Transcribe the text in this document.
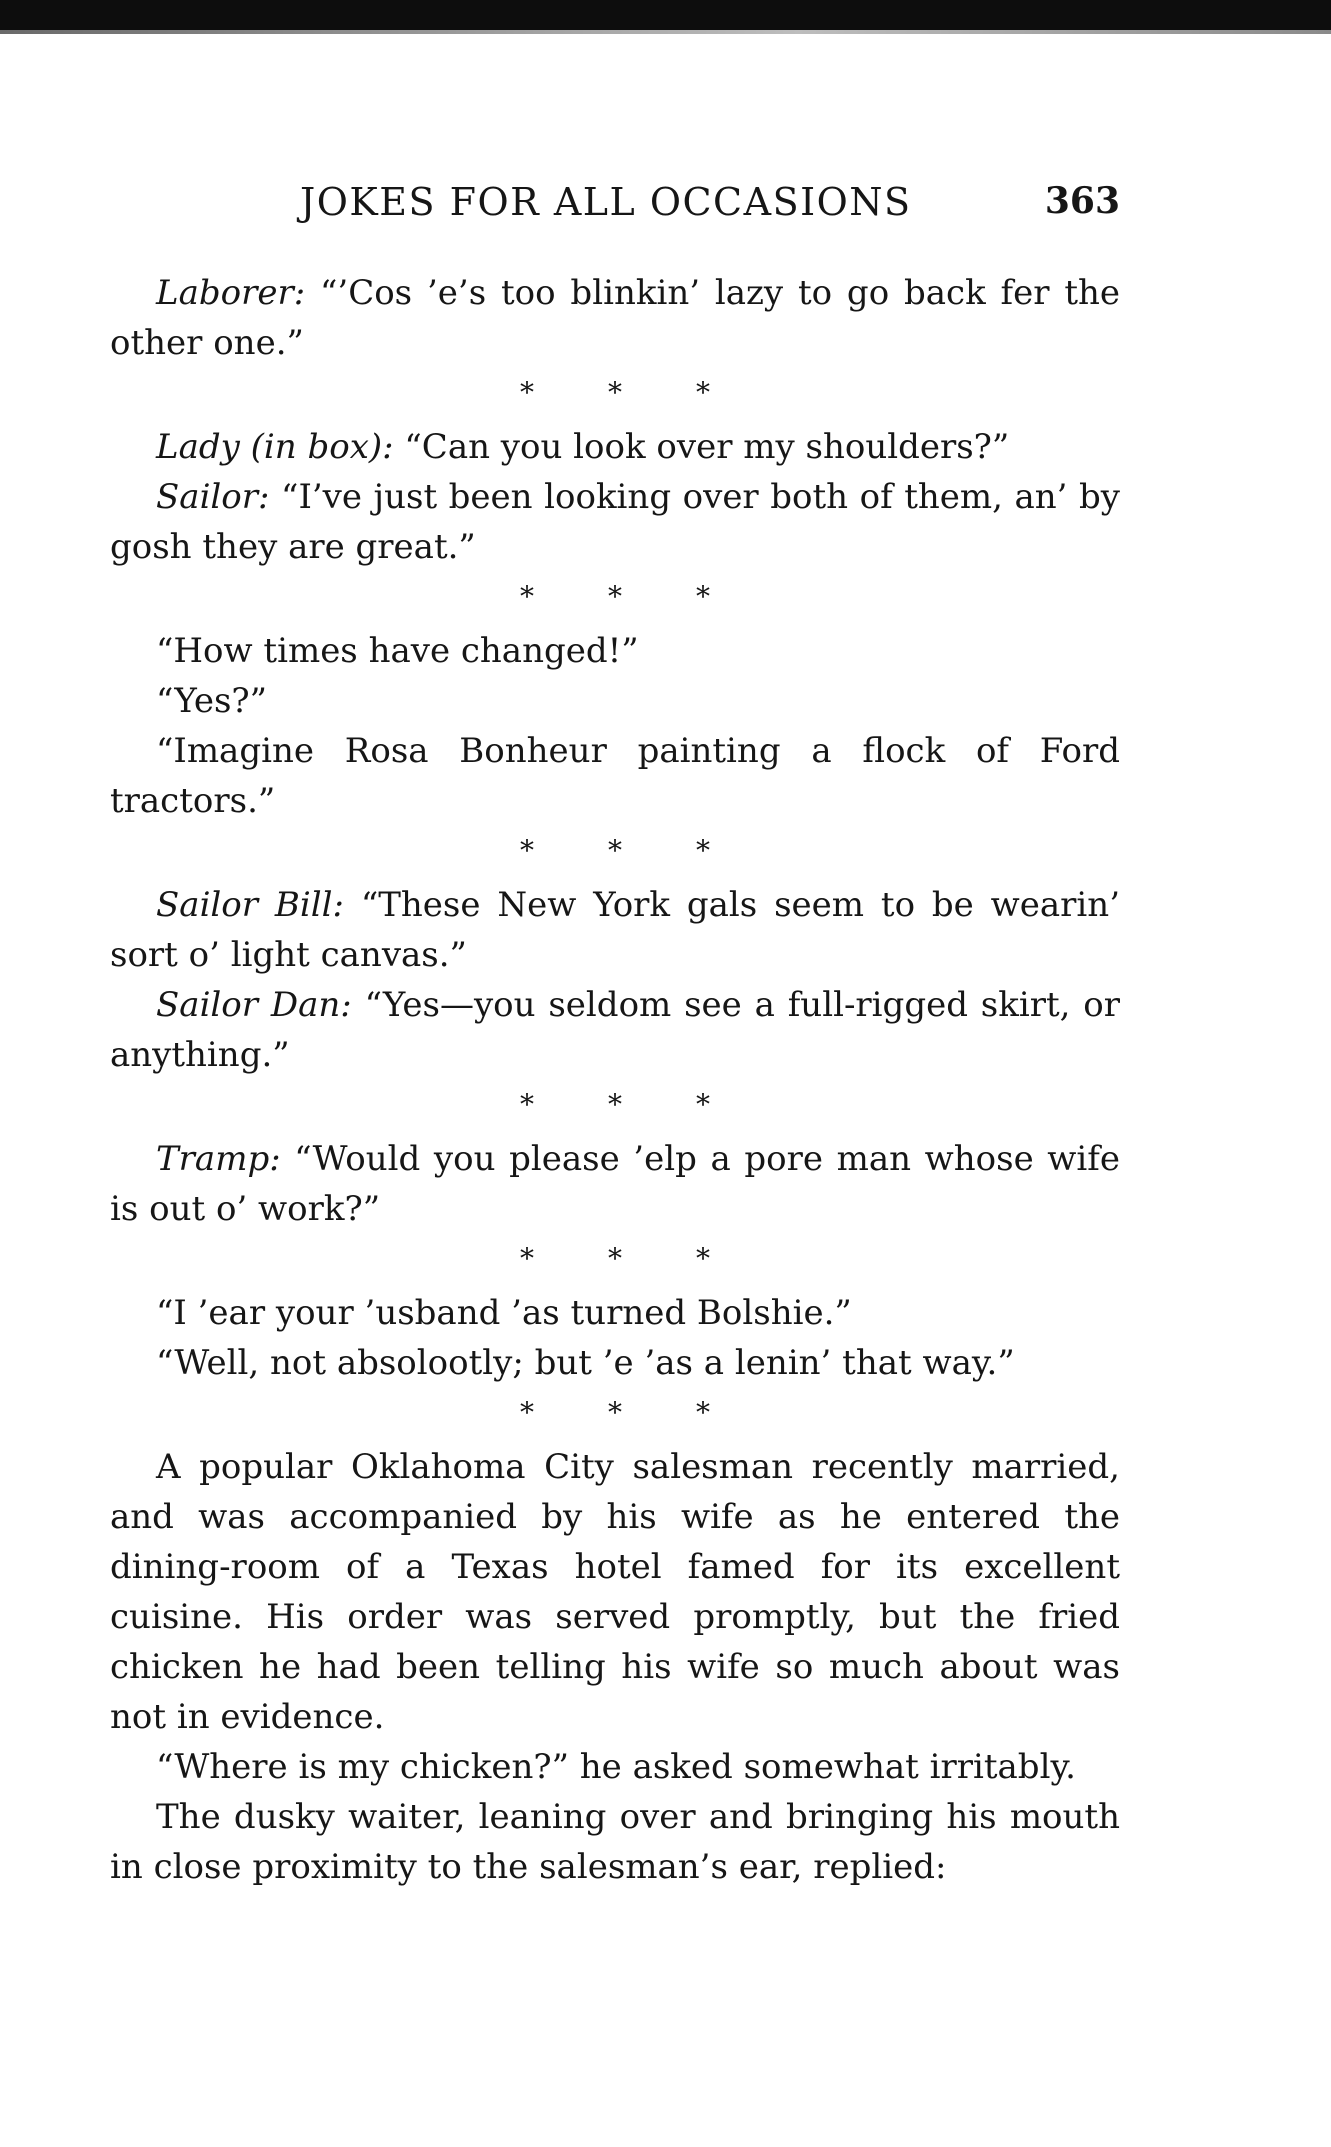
JOKES FOR ALL OCCASIONS	363

Laborer: “’Cos ’e’s too blinkin’ lazy to go back fer the other one.”

*	*	*

Lady (in box): “Can you look over my shoulders?”

Sailor: “I’ve just been looking over both of them, an’ by gosh they are great.”

*	*	*

“How times have changed!”

“Yes?”

“Imagine Rosa Bonheur painting a flock of Ford tractors.”

*	*	*

Sailor Bill: “These New York gals seem to be wearin’ sort o’ light canvas.”

Sailor Dan: “Yes—you seldom see a full-rigged skirt, or anything.”

*	*	*

Tramp: “Would you please ’elp a pore man whose wife is out o’ work?”

*	*	*

“I ’ear your ’usband ’as turned Bolshie.”

“Well, not absolootly; but ’e ’as a lenin’ that way.”

*	*	*

A popular Oklahoma City salesman recently married, and was accompanied by his wife as he entered the dining-room of a Texas hotel famed for its excellent cuisine. His order was served promptly, but the fried chicken he had been telling his wife so much about was not in evidence.

“Where is my chicken?” he asked somewhat irritably.

The dusky waiter, leaning over and bringing his mouth in close proximity to the salesman’s ear, replied:
